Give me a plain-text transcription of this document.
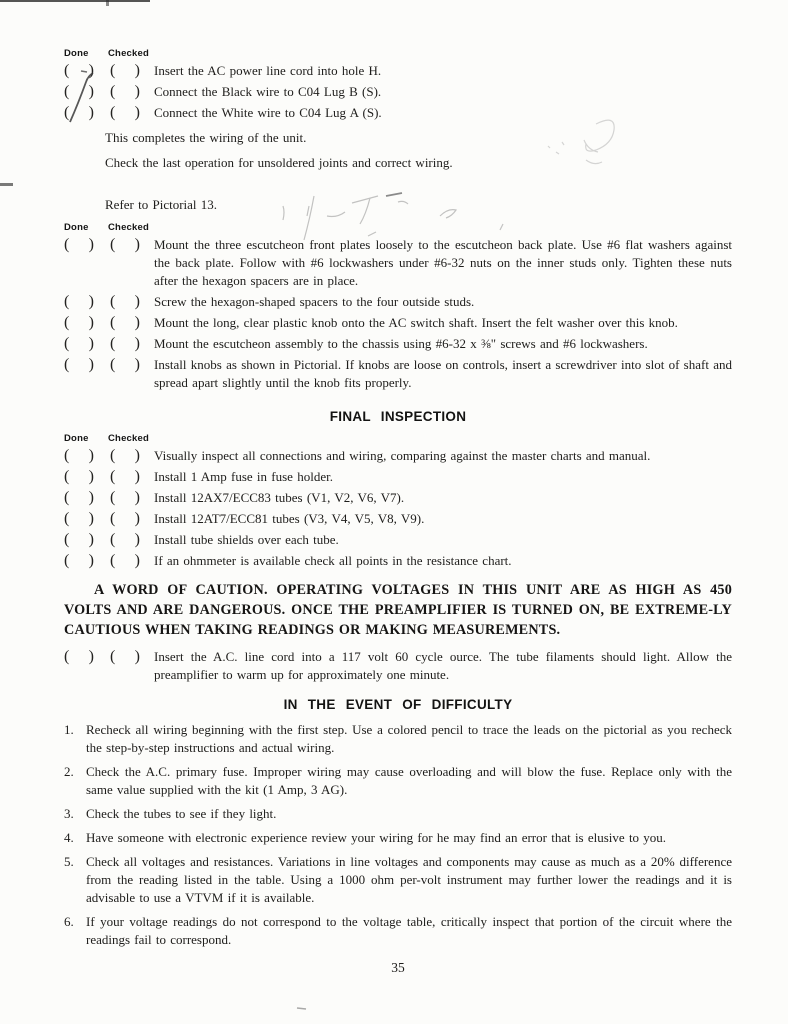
Done Checked
( ) ( ) Insert the AC power line cord into hole H.
( ) ( ) Connect the Black wire to C04 Lug B (S).
( ) ( ) Connect the White wire to C04 Lug A (S).

This completes the wiring of the unit.

Check the last operation for unsoldered joints and correct wiring.

Refer to Pictorial 13.

Done Checked
( ) ( ) Mount the three escutcheon front plates loosely to the escutcheon back plate. Use #6 flat washers against the back plate. Follow with #6 lockwashers under #6-32 nuts on the inner studs only. Tighten these nuts after the hexagon spacers are in place.
( ) ( ) Screw the hexagon-shaped spacers to the four outside studs.
( ) ( ) Mount the long, clear plastic knob onto the AC switch shaft. Insert the felt washer over this knob.
( ) ( ) Mount the escutcheon assembly to the chassis using #6-32 x ⅜" screws and #6 lockwashers.
( ) ( ) Install knobs as shown in Pictorial. If knobs are loose on controls, insert a screwdriver into slot of shaft and spread apart slightly until the knob fits properly.
FINAL INSPECTION
Done Checked
( ) ( ) Visually inspect all connections and wiring, comparing against the master charts and manual.
( ) ( ) Install 1 Amp fuse in fuse holder.
( ) ( ) Install 12AX7/ECC83 tubes (V1, V2, V6, V7).
( ) ( ) Install 12AT7/ECC81 tubes (V3, V4, V5, V8, V9).
( ) ( ) Install tube shields over each tube.
( ) ( ) If an ohmmeter is available check all points in the resistance chart.

A WORD OF CAUTION. OPERATING VOLTAGES IN THIS UNIT ARE AS HIGH AS 450 VOLTS AND ARE DANGEROUS. ONCE THE PREAMPLIFIER IS TURNED ON, BE EXTREME-LY CAUTIOUS WHEN TAKING READINGS OR MAKING MEASUREMENTS.

( ) ( ) Insert the A.C. line cord into a 117 volt 60 cycle ource. The tube filaments should light. Allow the preamplifier to warm up for approximately one minute.
IN THE EVENT OF DIFFICULTY
1. Recheck all wiring beginning with the first step. Use a colored pencil to trace the leads on the pictorial as you recheck the step-by-step instructions and actual wiring.
2. Check the A.C. primary fuse. Improper wiring may cause overloading and will blow the fuse. Replace only with the same value supplied with the kit (1 Amp, 3 AG).
3. Check the tubes to see if they light.
4. Have someone with electronic experience review your wiring for he may find an error that is elusive to you.
5. Check all voltages and resistances. Variations in line voltages and components may cause as much as a 20% difference from the reading listed in the table. Using a 1000 ohm per-volt instrument may further lower the readings and it is advisable to use a VTVM if it is available.
6. If your voltage readings do not correspond to the voltage table, critically inspect that portion of the circuit where the readings fail to correspond.
35
